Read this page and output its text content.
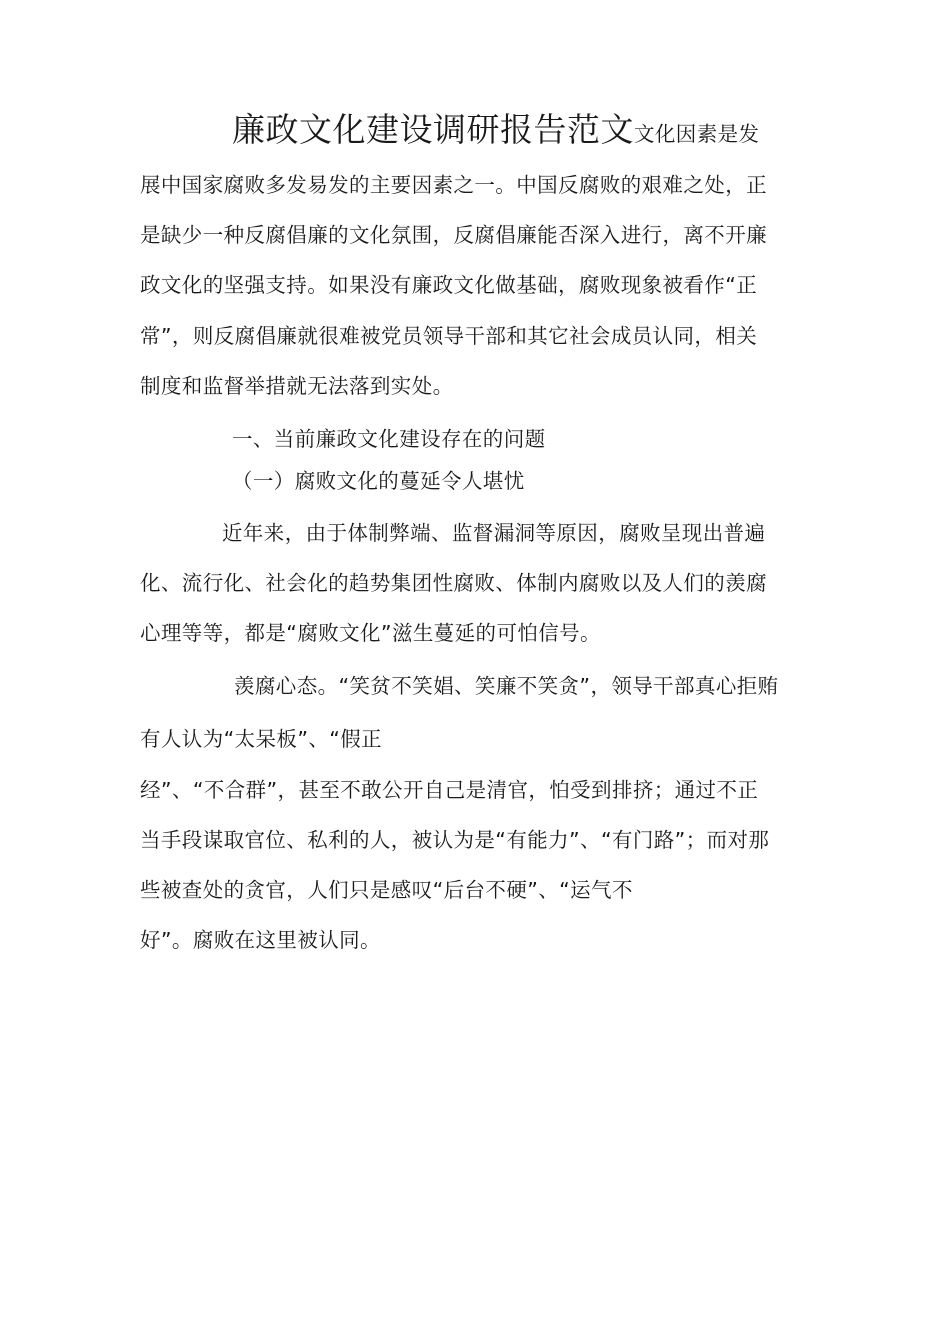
廉政文化建设调研报告范文文化因素是发
展中国家腐败多发易发的主要因素之一。中国反腐败的艰难之处，正
是缺少一种反腐倡廉的文化氛围，反腐倡廉能否深入进行，离不开廉
政文化的坚强支持。如果没有廉政文化做基础，腐败现象被看作“正
常”，则反腐倡廉就很难被党员领导干部和其它社会成员认同，相关
制度和监督举措就无法落到实处。
一、当前廉政文化建设存在的问题
（一）腐败文化的蔓延令人堪忧
近年来，由于体制弊端、监督漏洞等原因，腐败呈现出普遍
化、流行化、社会化的趋势集团性腐败、体制内腐败以及人们的羡腐
心理等等，都是“腐败文化”滋生蔓延的可怕信号。
羡腐心态。“笑贫不笑娼、笑廉不笑贪”，领导干部真心拒贿
有人认为“太呆板”、“假正
经”、“不合群”，甚至不敢公开自己是清官，怕受到排挤；通过不正
当手段谋取官位、私利的人，被认为是“有能力”、“有门路”；而对那
些被查处的贪官，人们只是感叹“后台不硬”、“运气不
好”。腐败在这里被认同。
